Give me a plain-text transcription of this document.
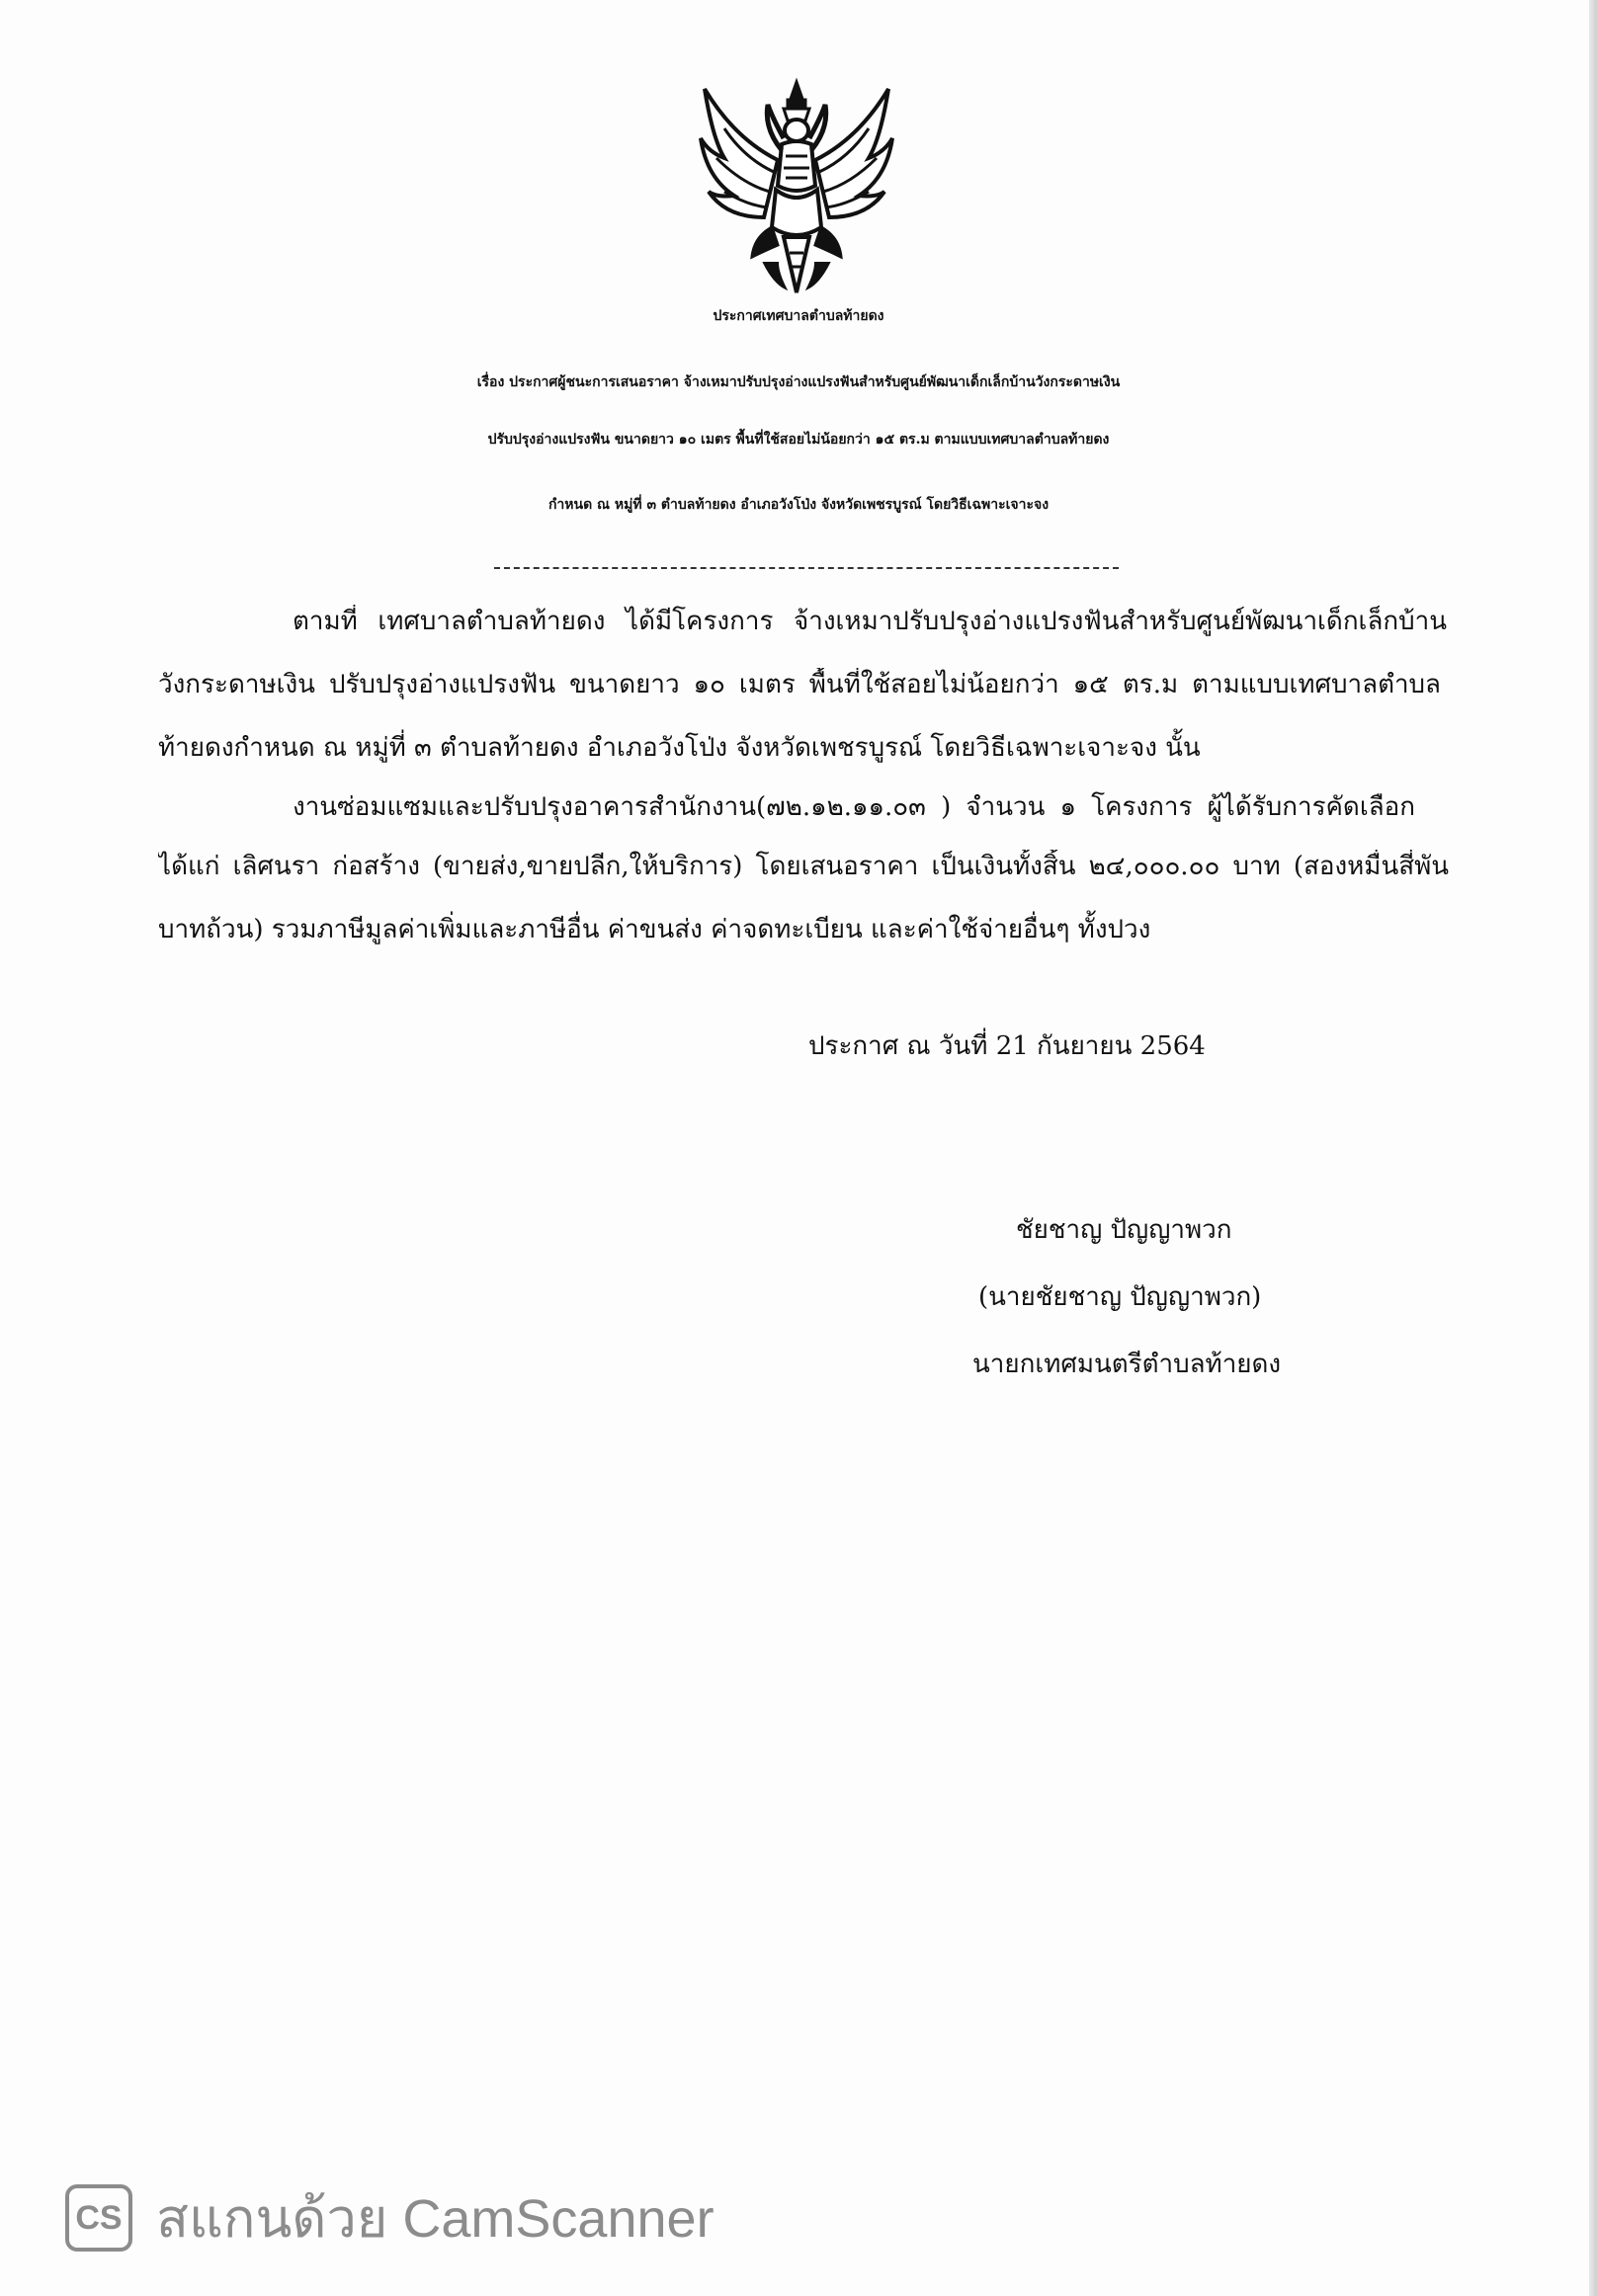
ประกาศเทศบาลตำบลท้ายดง
เรื่อง ประกาศผู้ชนะการเสนอราคา จ้างเหมาปรับปรุงอ่างแปรงฟันสำหรับศูนย์พัฒนาเด็กเล็กบ้านวังกระดาษเงิน
ปรับปรุงอ่างแปรงฟัน ขนาดยาว ๑๐ เมตร พื้นที่ใช้สอยไม่น้อยกว่า ๑๕ ตร.ม ตามแบบเทศบาลตำบลท้ายดง
กำหนด ณ หมู่ที่ ๓ ตำบลท้ายดง อำเภอวังโป่ง จังหวัดเพชรบูรณ์ โดยวิธีเฉพาะเจาะจง
ตามที่ เทศบาลตำบลท้ายดง ได้มีโครงการ จ้างเหมาปรับปรุงอ่างแปรงฟันสำหรับศูนย์พัฒนาเด็กเล็กบ้าน
วังกระดาษเงิน ปรับปรุงอ่างแปรงฟัน ขนาดยาว ๑๐ เมตร พื้นที่ใช้สอยไม่น้อยกว่า ๑๕ ตร.ม ตามแบบเทศบาลตำบล
ท้ายดงกำหนด ณ หมู่ที่ ๓ ตำบลท้ายดง อำเภอวังโป่ง จังหวัดเพชรบูรณ์ โดยวิธีเฉพาะเจาะจง นั้น
งานซ่อมแซมและปรับปรุงอาคารสำนักงาน(๗๒.๑๒.๑๑.๐๓ ) จำนวน ๑ โครงการ ผู้ได้รับการคัดเลือก
ได้แก่ เลิศนรา ก่อสร้าง (ขายส่ง,ขายปลีก,ให้บริการ) โดยเสนอราคา เป็นเงินทั้งสิ้น ๒๔,๐๐๐.๐๐ บาท (สองหมื่นสี่พัน
บาทถ้วน) รวมภาษีมูลค่าเพิ่มและภาษีอื่น ค่าขนส่ง ค่าจดทะเบียน และค่าใช้จ่ายอื่นๆ ทั้งปวง
ประกาศ ณ วันที่ 21 กันยายน 2564
ชัยชาญ ปัญญาพวก
(นายชัยชาญ ปัญญาพวก)
นายกเทศมนตรีตำบลท้ายดง
CS สแกนด้วย CamScanner
